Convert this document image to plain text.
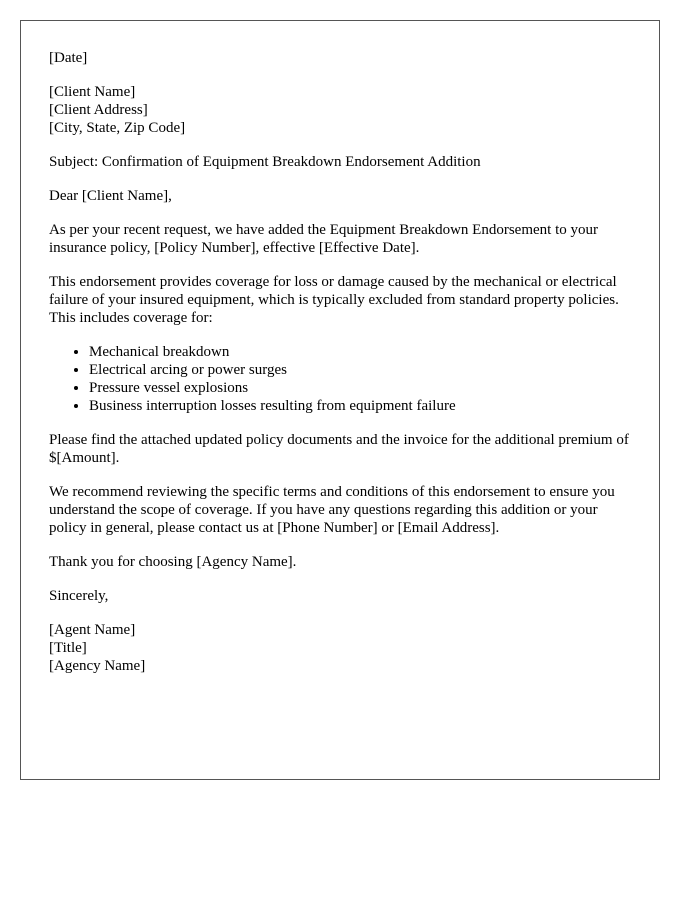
[Date]

[Client Name]
[Client Address]
[City, State, Zip Code]

Subject: Confirmation of Equipment Breakdown Endorsement Addition

Dear [Client Name],

As per your recent request, we have added the Equipment Breakdown Endorsement to your insurance policy, [Policy Number], effective [Effective Date].

This endorsement provides coverage for loss or damage caused by the mechanical or electrical failure of your insured equipment, which is typically excluded from standard property policies. This includes coverage for:

• Mechanical breakdown
• Electrical arcing or power surges
• Pressure vessel explosions
• Business interruption losses resulting from equipment failure

Please find the attached updated policy documents and the invoice for the additional premium of $[Amount].

We recommend reviewing the specific terms and conditions of this endorsement to ensure you understand the scope of coverage. If you have any questions regarding this addition or your policy in general, please contact us at [Phone Number] or [Email Address].

Thank you for choosing [Agency Name].

Sincerely,

[Agent Name]
[Title]
[Agency Name]
